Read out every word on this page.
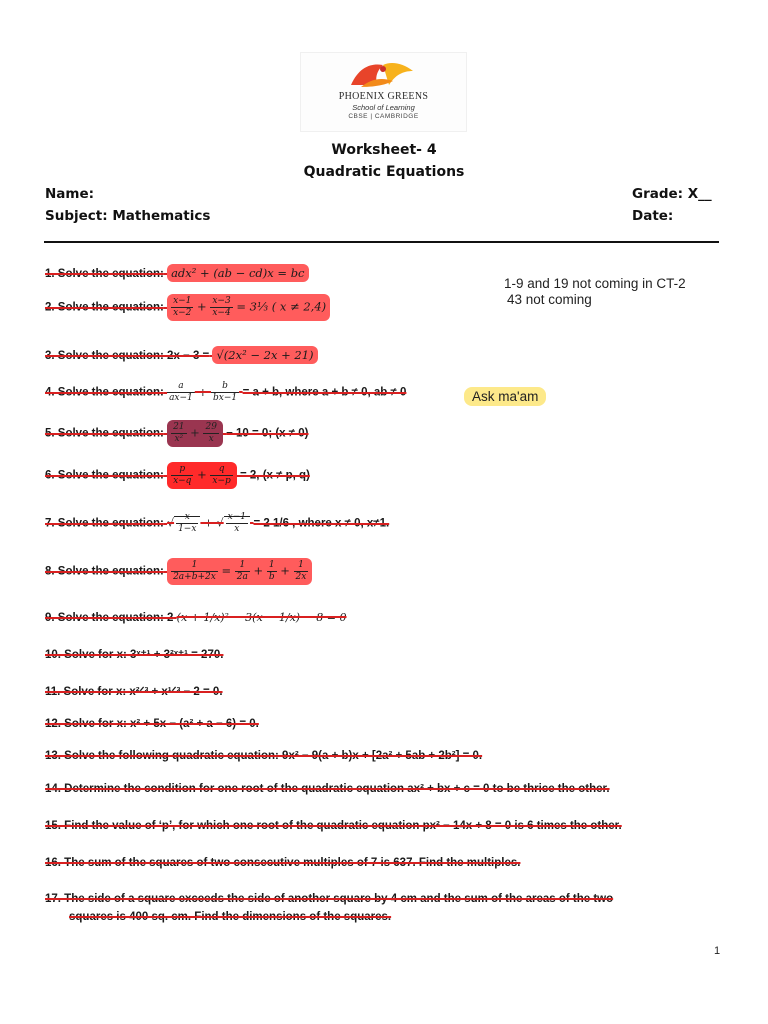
PHOENIX GREENS
School of Learning
CBSE | CAMBRIDGE
Worksheet- 4
Quadratic Equations
Name:	Grade: X__
Subject: Mathematics	Date:
1-9 and 19 not coming in CT-2
43 not coming
Ask ma'am
1. Solve the equation: adx² + (ab − cd)x = bc
2. Solve the equation: $\frac{x-1}{x-2} + \frac{x-3}{x-4}$ = 3⅓ ( x ≠ 2,4)
3. Solve the equation: 2x − 3 = √(2x² − 2x + 21)
4. Solve the equation: $\frac{a}{ax-1} + \frac{b}{bx-1} = a + b$, where a + b ≠ 0, ab ≠ 0
5. Solve the equation: $\frac{21}{\text{x²}} + \frac{29}{x} - 10 = 0$; (x ≠ 0)
6. Solve the equation: $\frac{p}{x-q} + \frac{q}{x-p} = 2$, (x ≠ p, q)
7. Solve the equation: √ $\frac{x}{1-x}$ + √ $\frac{x-1}{x} = 2$ 1/6 , where x ≠ 0, x≠1.
8. Solve the equation: $\frac{1}{2a+b+2x} = \frac{1}{2a} + \frac{1}{b} + \frac{1}{2x}$
9. Solve the equation: 2 (x + 1/x)² − 3(x − 1/x) − 8 = 0
10. Solve for x: 3ˣ⁺¹ + 3²ˣ⁺¹ = 270.
11. Solve for x: x²ᐟ³ + x¹ᐟ³ − 2 = 0.
12. Solve for x: x² + 5x − (a² + a − 6) = 0.
13. Solve the following quadratic equation: 9x² − 9(a + b)x + [2a² + 5ab + 2b²] = 0.
14. Determine the condition for one root of the quadratic equation ax² + bx + c = 0 to be thrice the other.
15. Find the value of ‘p’, for which one root of the quadratic equation px² − 14x + 8 = 0 is 6 times the other.
16. The sum of the squares of two consecutive multiples of 7 is 637. Find the multiples.
17. The side of a square exceeds the side of another square by 4 cm and the sum of the areas of the two
squares is 400 sq. cm. Find the dimensions of the squares.
1
